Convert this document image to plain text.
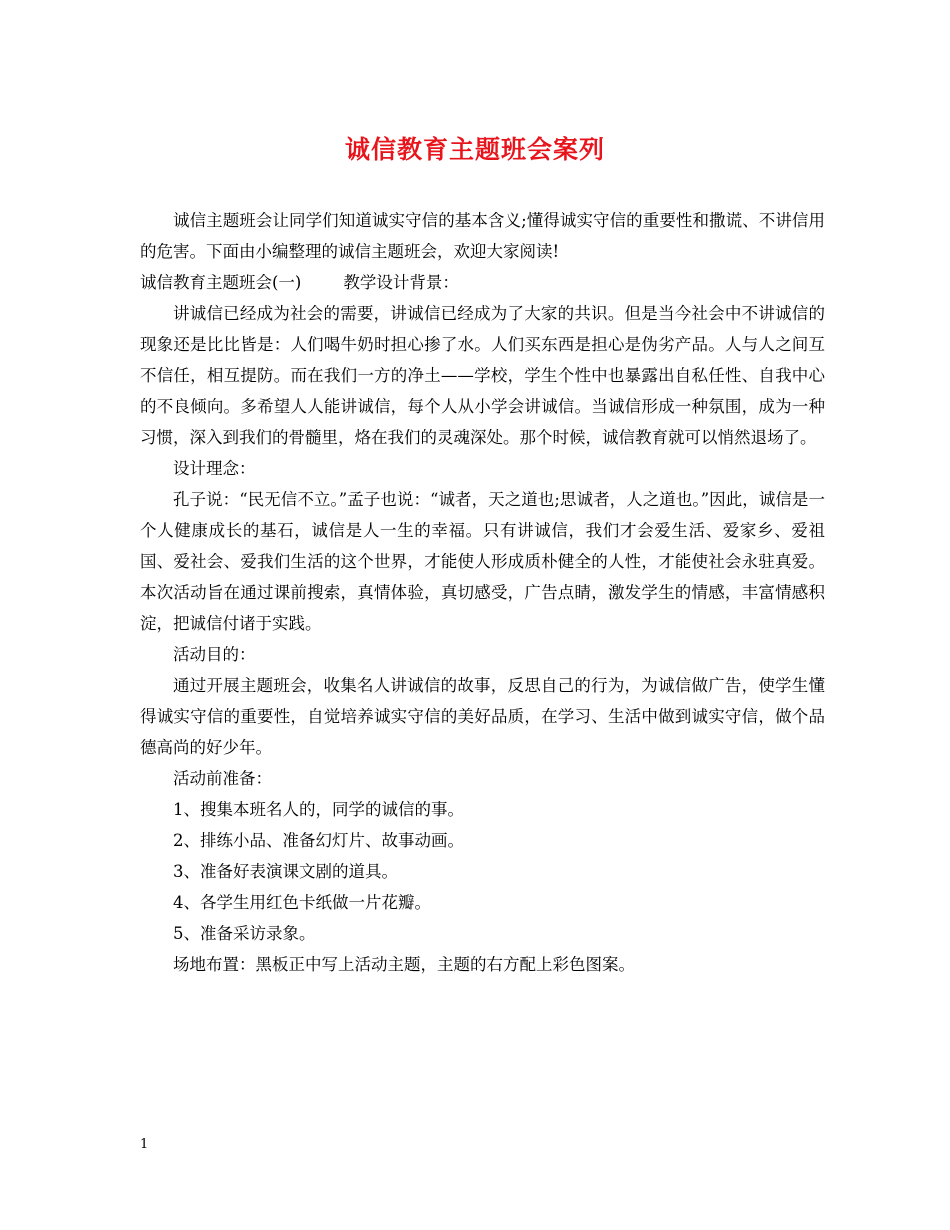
诚信教育主题班会案列

诚信主题班会让同学们知道诚实守信的基本含义;懂得诚实守信的重要性和撒谎、不讲信用的危害。下面由小编整理的诚信主题班会，欢迎大家阅读!

诚信教育主题班会(一)	教学设计背景：

讲诚信已经成为社会的需要，讲诚信已经成为了大家的共识。但是当今社会中不讲诚信的现象还是比比皆是：人们喝牛奶时担心掺了水。人们买东西是担心是伪劣产品。人与人之间互不信任，相互提防。而在我们一方的净土——学校，学生个性中也暴露出自私任性、自我中心的不良倾向。多希望人人能讲诚信，每个人从小学会讲诚信。当诚信形成一种氛围，成为一种习惯，深入到我们的骨髓里，烙在我们的灵魂深处。那个时候，诚信教育就可以悄然退场了。

设计理念：

孔子说：“民无信不立。”孟子也说：“诚者，天之道也;思诚者，人之道也。”因此，诚信是一个人健康成长的基石，诚信是人一生的幸福。只有讲诚信，我们才会爱生活、爱家乡、爱祖国、爱社会、爱我们生活的这个世界，才能使人形成质朴健全的人性，才能使社会永驻真爱。本次活动旨在通过课前搜索，真情体验，真切感受，广告点睛，激发学生的情感，丰富情感积淀，把诚信付诸于实践。

活动目的：

通过开展主题班会，收集名人讲诚信的故事，反思自己的行为，为诚信做广告，使学生懂得诚实守信的重要性，自觉培养诚实守信的美好品质，在学习、生活中做到诚实守信，做个品德高尚的好少年。

活动前准备：

1、搜集本班名人的，同学的诚信的事。

2、排练小品、准备幻灯片、故事动画。

3、准备好表演课文剧的道具。

4、各学生用红色卡纸做一片花瓣。

5、准备采访录象。

场地布置：黑板正中写上活动主题，主题的右方配上彩色图案。

1
